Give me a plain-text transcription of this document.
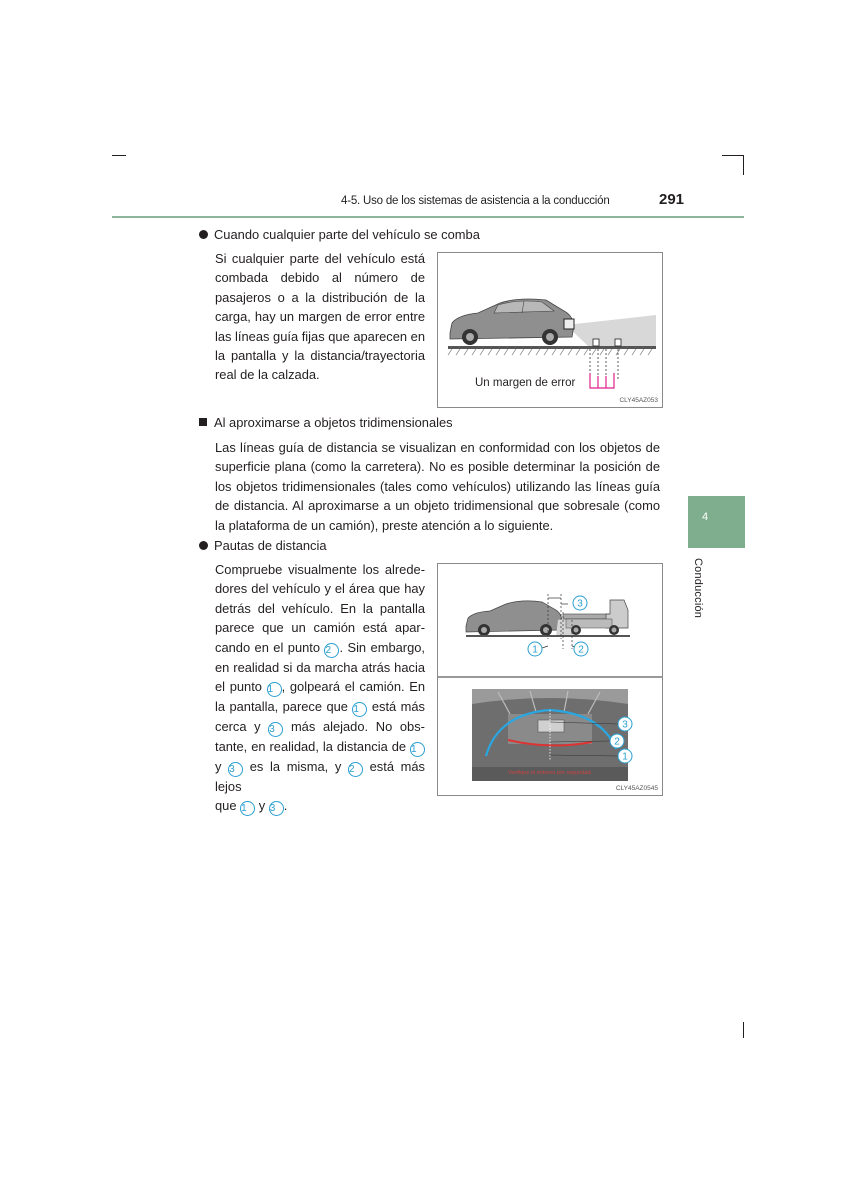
4-5. Uso de los sistemas de asistencia a la conducción	291
4
Conducción
Cuando cualquier parte del vehículo se comba
Si cualquier parte del vehículo está
combada debido al número de
pasajeros o a la distribución de la
carga, hay un margen de error entre
las líneas guía fijas que aparecen en
la pantalla y la distancia/trayectoria
real de la calzada.
Un margen de error
CLY45AZ053
Al aproximarse a objetos tridimensionales
Las líneas guía de distancia se visualizan en conformidad con los objetos de
superficie plana (como la carretera). No es posible determinar la posición de
los objetos tridimensionales (tales como vehículos) utilizando las líneas guía
de distancia. Al aproximarse a un objeto tridimensional que sobresale (como
la plataforma de un camión), preste atención a lo siguiente.
Pautas de distancia
Compruebe visualmente los alrede-
dores del vehículo y el área que hay
detrás del vehículo. En la pantalla
parece que un camión está apar-
cando en el punto 2 . Sin embargo,
en realidad si da marcha atrás hacia
el punto 1 , golpeará el camión. En
la pantalla, parece que 1 está más
cerca y 3 más alejado. No obs-
tante, en realidad, la distancia de 1
y 3 es la misma, y 2 está más lejos
que 1 y 3 .
3
1	2
3
2
1
Verifique el entorno por seguridad.
CLY45AZ0545
